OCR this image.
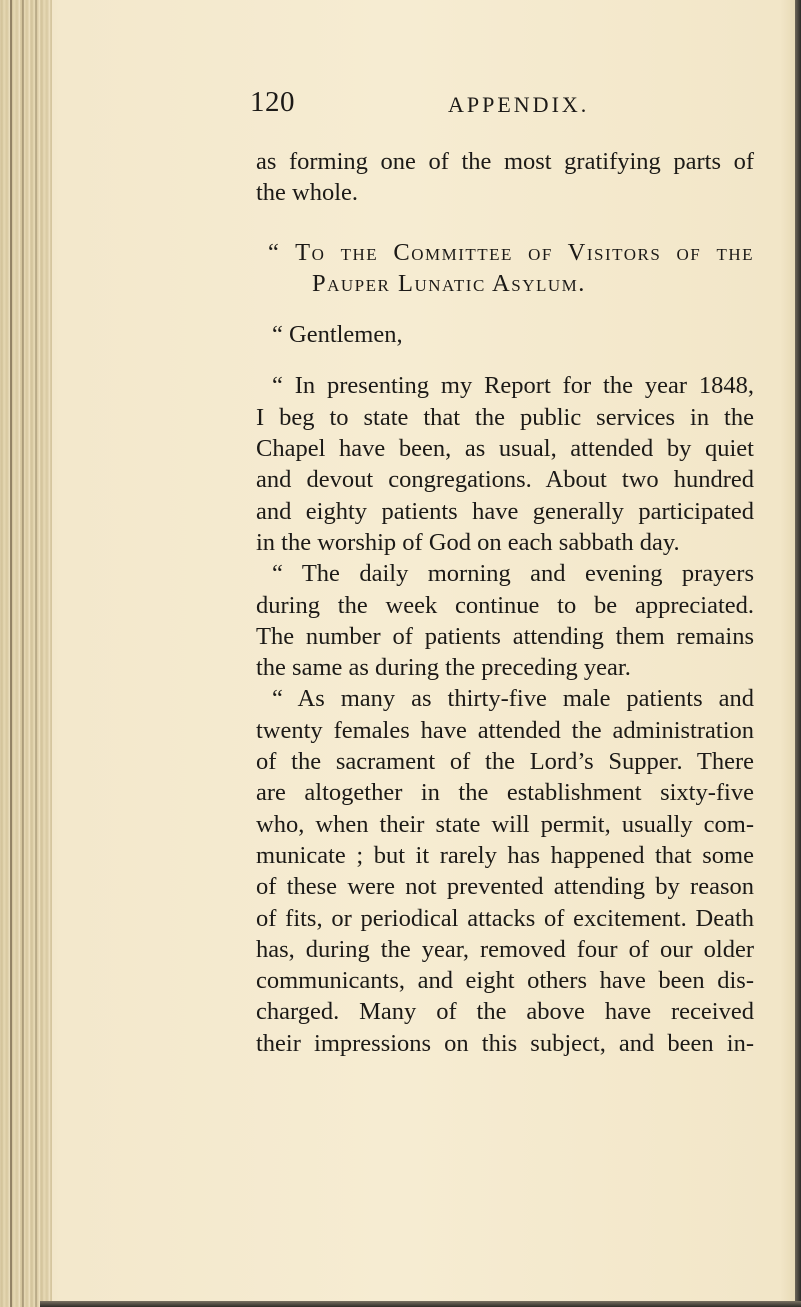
120	APPENDIX.
as forming one of the most gratifying parts of
the whole.
“ To the Committee of Visitors of the
Pauper Lunatic Asylum.
“ Gentlemen,
“ In presenting my Report for the year 1848,
I beg to state that the public services in the
Chapel have been, as usual, attended by quiet
and devout congregations. About two hundred
and eighty patients have generally participated
in the worship of God on each sabbath day.
“ The daily morning and evening prayers
during the week continue to be appreciated.
The number of patients attending them remains
the same as during the preceding year.
“ As many as thirty-five male patients and
twenty females have attended the administration
of the sacrament of the Lord’s Supper. There
are altogether in the establishment sixty-five
who, when their state will permit, usually com-
municate ; but it rarely has happened that some
of these were not prevented attending by reason
of fits, or periodical attacks of excitement. Death
has, during the year, removed four of our older
communicants, and eight others have been dis-
charged. Many of the above have received
their impressions on this subject, and been in-
